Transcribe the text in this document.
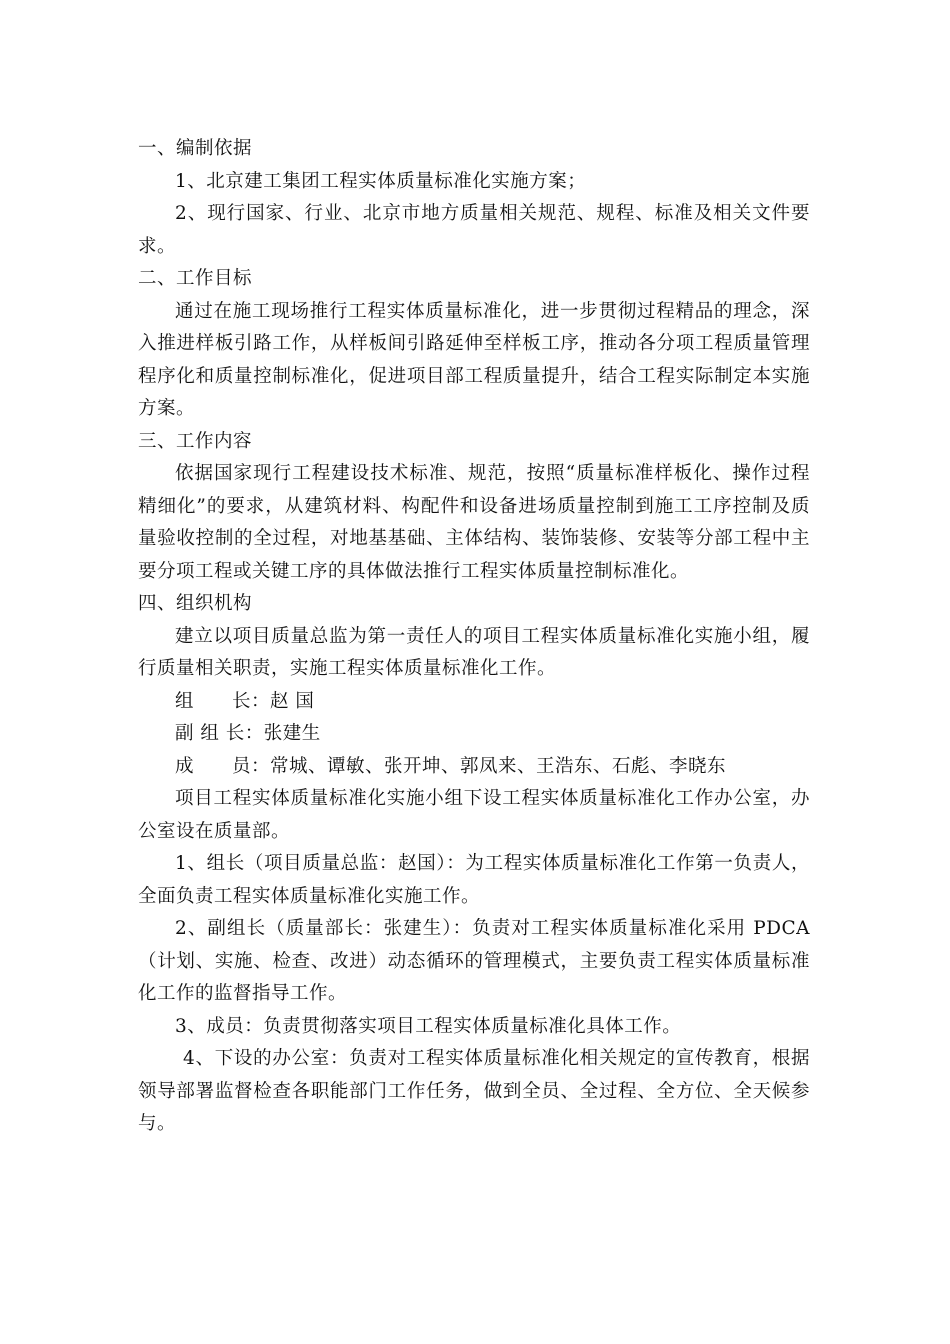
一、编制依据

1、北京建工集团工程实体质量标准化实施方案；

2、现行国家、行业、北京市地方质量相关规范、规程、标准及相关文件要求。

二、工作目标

通过在施工现场推行工程实体质量标准化，进一步贯彻过程精品的理念，深入推进样板引路工作，从样板间引路延伸至样板工序，推动各分项工程质量管理程序化和质量控制标准化，促进项目部工程质量提升，结合工程实际制定本实施方案。

三、工作内容

依据国家现行工程建设技术标准、规范，按照“质量标准样板化、操作过程精细化”的要求，从建筑材料、构配件和设备进场质量控制到施工工序控制及质量验收控制的全过程，对地基基础、主体结构、装饰装修、安装等分部工程中主要分项工程或关键工序的具体做法推行工程实体质量控制标准化。

四、组织机构

建立以项目质量总监为第一责任人的项目工程实体质量标准化实施小组，履行质量相关职责，实施工程实体质量标准化工作。

组　　长：赵 国

副 组 长：张建生

成　　员：常城、谭敏、张开坤、郭凤来、王浩东、石彪、李晓东

项目工程实体质量标准化实施小组下设工程实体质量标准化工作办公室，办公室设在质量部。

1、组长（项目质量总监：赵国）：为工程实体质量标准化工作第一负责人，全面负责工程实体质量标准化实施工作。

2、副组长（质量部长：张建生）：负责对工程实体质量标准化采用 PDCA（计划、实施、检查、改进）动态循环的管理模式，主要负责工程实体质量标准化工作的监督指导工作。

3、成员：负责贯彻落实项目工程实体质量标准化具体工作。

4、下设的办公室：负责对工程实体质量标准化相关规定的宣传教育，根据领导部署监督检查各职能部门工作任务，做到全员、全过程、全方位、全天候参与。
